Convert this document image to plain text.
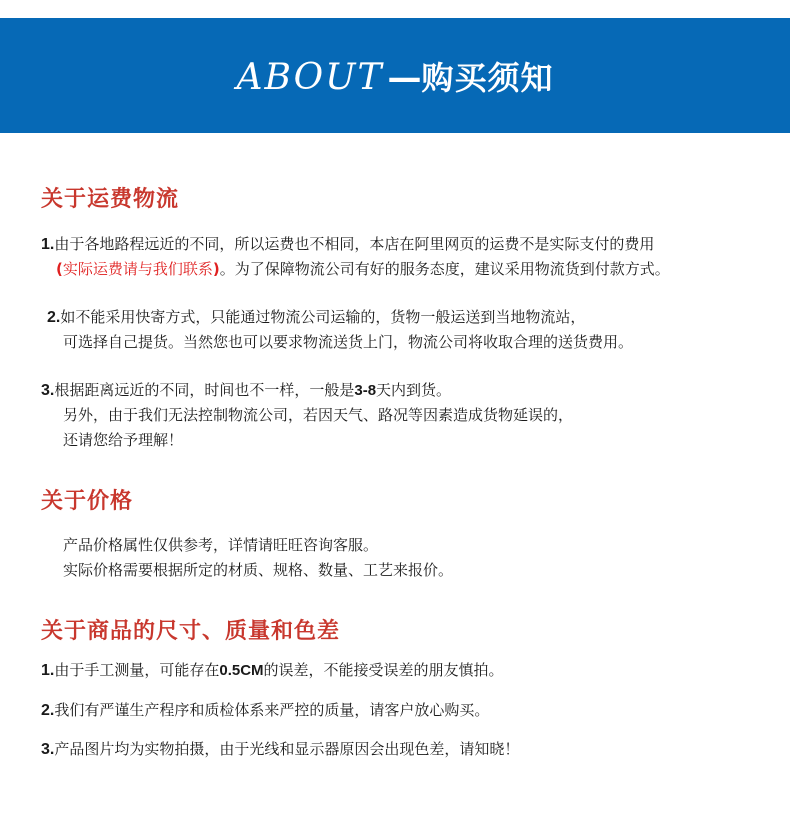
ABOUT — 购买须知
关于运费物流
1.由于各地路程远近的不同，所以运费也不相同，本店在阿里网页的运费不是实际支付的费用
(实际运费请与我们联系)。为了保障物流公司有好的服务态度，建议采用物流货到付款方式。
2.如不能采用快寄方式，只能通过物流公司运输的，货物一般运送到当地物流站，
可选择自己提货。当然您也可以要求物流送货上门，物流公司将收取合理的送货费用。
3.根据距离远近的不同，时间也不一样，一般是3-8天内到货。
另外，由于我们无法控制物流公司，若因天气、路况等因素造成货物延误的，
还请您给予理解！
关于价格
产品价格属性仅供参考，详情请旺旺咨询客服。
实际价格需要根据所定的材质、规格、数量、工艺来报价。
关于商品的尺寸、质量和色差
1.由于手工测量，可能存在0.5CM的误差，不能接受误差的朋友慎拍。
2.我们有严谨生产程序和质检体系来严控的质量，请客户放心购买。
3.产品图片均为实物拍摄，由于光线和显示器原因会出现色差，请知晓！
